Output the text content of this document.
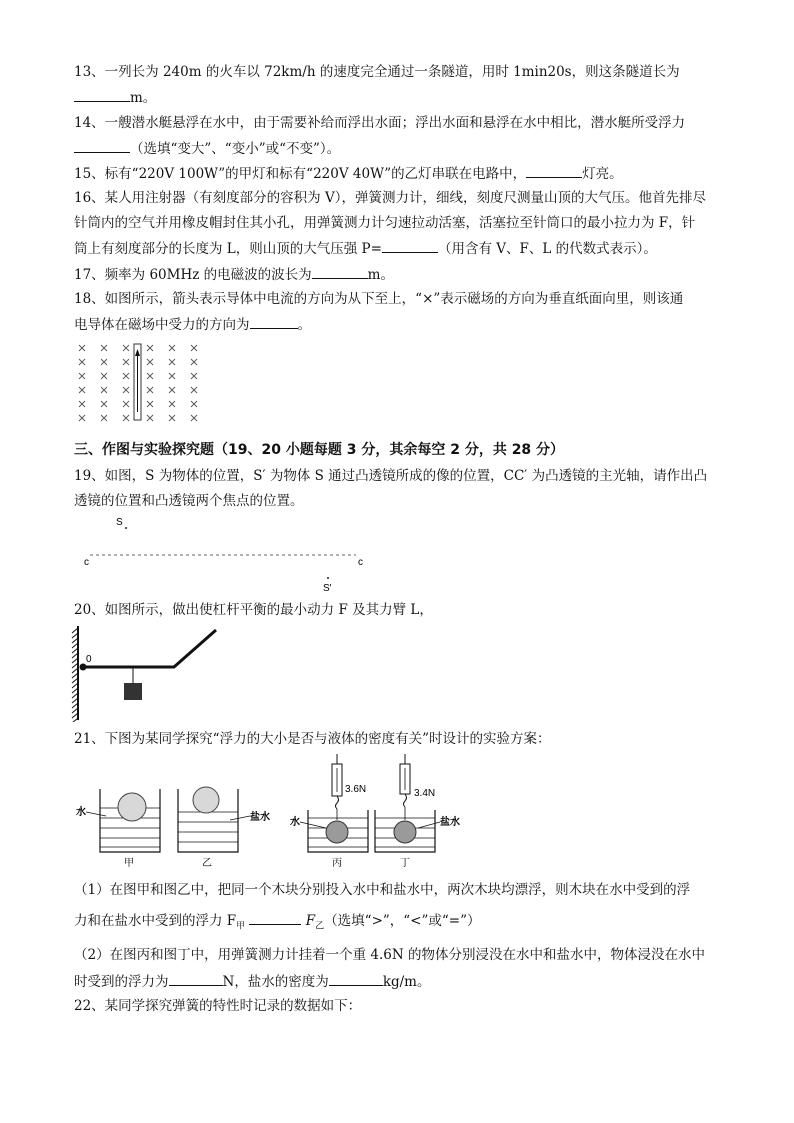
13、一列长为 240m 的火车以 72km/h 的速度完全通过一条隧道，用时 1min20s，则这条隧道长为
m。
14、一艘潜水艇悬浮在水中，由于需要补给而浮出水面；浮出水面和悬浮在水中相比，潜水艇所受浮力
（选填“变大”、“变小”或“不变”）。
15、标有“220V 100W”的甲灯和标有“220V 40W”的乙灯串联在电路中，	灯亮。
16、某人用注射器（有刻度部分的容积为 V），弹簧测力计，细线，刻度尺测量山顶的大气压。他首先排尽
针筒内的空气并用橡皮帽封住其小孔，用弹簧测力计匀速拉动活塞，活塞拉至针筒口的最小拉力为 F，针
筒上有刻度部分的长度为 L，则山顶的大气压强 P=	（用含有 V、F、L 的代数式表示）。
17、频率为 60MHz 的电磁波的波长为	m。
18、如图所示，箭头表示导体中电流的方向为从下至上，“×”表示磁场的方向为垂直纸面向里，则该通
电导体在磁场中受力的方向为	。
三、作图与实验探究题（19、20 小题每题 3 分，其余每空 2 分，共 28 分）
19、如图，S 为物体的位置，S′ 为物体 S 通过凸透镜所成的像的位置，CC′ 为凸透镜的主光轴，请作出凸
透镜的位置和凸透镜两个焦点的位置。
S
c	c
S'
20、如图所示，做出使杠杆平衡的最小动力 F 及其力臂 L，
0
21、下图为某同学探究“浮力的大小是否与液体的密度有关”时设计的实验方案：
水	盐水
3.6N
水
3.4N
盐水
甲	乙	丙	丁
（1）在图甲和图乙中，把同一个木块分别投入水中和盐水中，两次木块均漂浮，则木块在水中受到的浮
力和在盐水中受到的浮力 $F_甲$	$F_乙$（选填“>”，“<”或“=”）
（2）在图丙和图丁中，用弹簧测力计挂着一个重 4.6N 的物体分别浸没在水中和盐水中，物体浸没在水中
时受到的浮力为	N，盐水的密度为	kg/m。
22、某同学探究弹簧的特性时记录的数据如下：
